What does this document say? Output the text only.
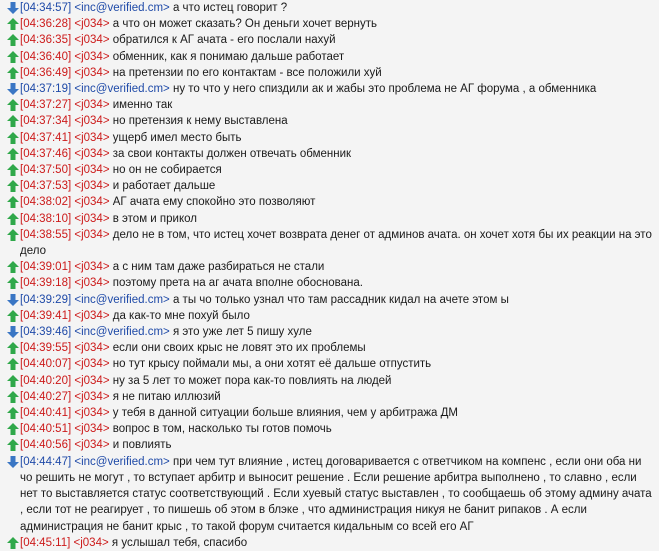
[04:34:57] <inc@verified.cm> а что истец говорит ?
[04:36:28] <j034> а что он может сказать? Он деньги хочет вернуть
[04:36:35] <j034> обратился к АГ ачата - его послали нахуй
[04:36:40] <j034> обменник, как я понимаю дальше работает
[04:36:49] <j034> на претензии по его контактам - все положили хуй
[04:37:19] <inc@verified.cm> ну то что у него спиздили ак и жабы это проблема не АГ форума , а обменника
[04:37:27] <j034> именно так
[04:37:34] <j034> но претензия к нему выставлена
[04:37:41] <j034> ущерб имел место быть
[04:37:46] <j034> за свои контакты должен отвечать обменник
[04:37:50] <j034> но он не собирается
[04:37:53] <j034> и работает дальше
[04:38:02] <j034> АГ ачата ему спокойно это позволяют
[04:38:10] <j034> в этом и прикол
[04:38:55] <j034> дело не в том, что истец хочет возврата денег от админов ачата. он хочет хотя бы их реакции на это дело
[04:39:01] <j034> а с ним там даже разбираться не стали
[04:39:18] <j034> поэтому прета на аг ачата вполне обоснована.
[04:39:29] <inc@verified.cm> а ты чо только узнал что там рассадник кидал на ачете этом ы
[04:39:41] <j034> да как-то мне похуй было
[04:39:46] <inc@verified.cm> я это уже лет 5 пишу хуле
[04:39:55] <j034> если они своих крыс не ловят это их проблемы
[04:40:07] <j034> но тут крысу поймали мы, а они хотят её дальше отпустить
[04:40:20] <j034> ну за 5 лет то может пора как-то повлиять на людей
[04:40:27] <j034> я не питаю иллюзий
[04:40:41] <j034> у тебя в данной ситуации больше влияния, чем у арбитража ДМ
[04:40:51] <j034> вопрос в том, насколько ты готов помочь
[04:40:56] <j034> и повлиять
[04:44:47] <inc@verified.cm> при чем тут влияние , истец договаривается с ответчиком на компенс , если они оба ни чо решить не могут , то вступает арбитр и выносит решение . Если решение арбитра выполнено , то славно , если нет то выставляется статус соответствующий . Если хуевый статус выставлен , то сообщаешь об этому админу ачата , если тот не реагирует , то пишешь об этом в блэке , что администрация никуя не банит рипаков . А если администрация не банит крыс , то такой форум считается кидальным со всей его АГ
[04:45:11] <j034> я услышал тебя, спасибо
